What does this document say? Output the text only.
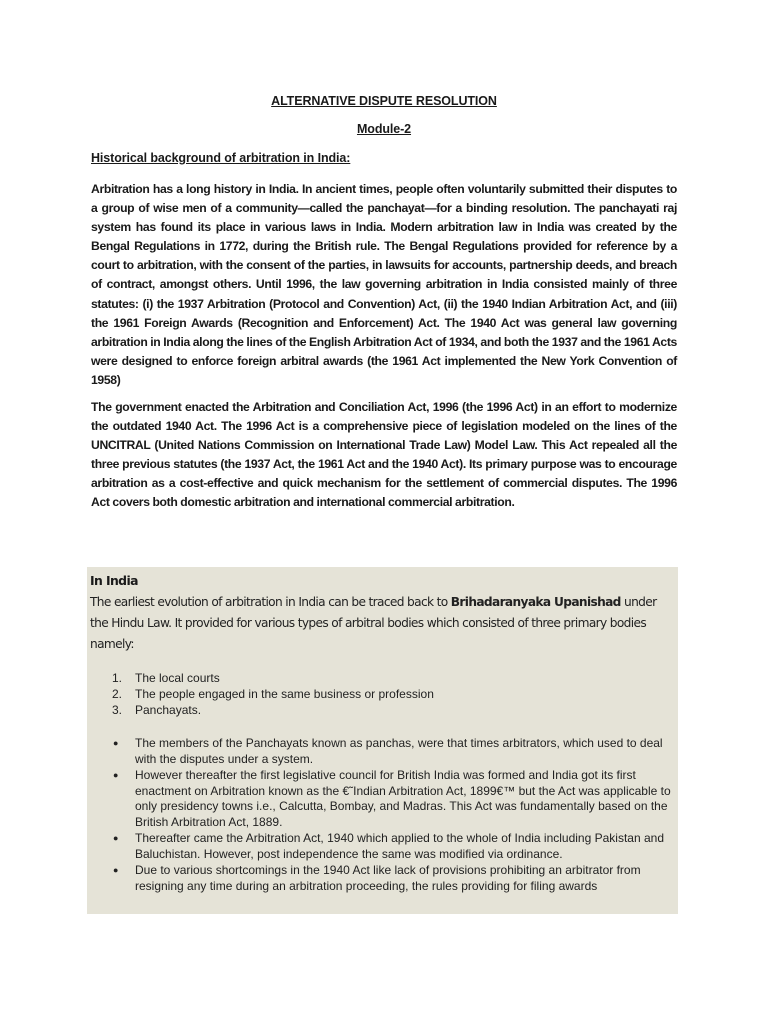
ALTERNATIVE DISPUTE RESOLUTION
Module-2
Historical background of arbitration in India:

Arbitration has a long history in India. In ancient times, people often voluntarily submitted their disputes to a group of wise men of a community—called the panchayat—for a binding resolution. The panchayati raj system has found its place in various laws in India. Modern arbitration law in India was created by the Bengal Regulations in 1772, during the British rule. The Bengal Regulations provided for reference by a court to arbitration, with the consent of the parties, in lawsuits for accounts, partnership deeds, and breach of contract, amongst others. Until 1996, the law governing arbitration in India consisted mainly of three statutes: (i) the 1937 Arbitration (Protocol and Convention) Act, (ii) the 1940 Indian Arbitration Act, and (iii) the 1961 Foreign Awards (Recognition and Enforcement) Act. The 1940 Act was general law governing arbitration in India along the lines of the English Arbitration Act of 1934, and both the 1937 and the 1961 Acts were designed to enforce foreign arbitral awards (the 1961 Act implemented the New York Convention of 1958)

The government enacted the Arbitration and Conciliation Act, 1996 (the 1996 Act) in an effort to modernize the outdated 1940 Act. The 1996 Act is a comprehensive piece of legislation modeled on the lines of the UNCITRAL (United Nations Commission on International Trade Law) Model Law. This Act repealed all the three previous statutes (the 1937 Act, the 1961 Act and the 1940 Act). Its primary purpose was to encourage arbitration as a cost-effective and quick mechanism for the settlement of commercial disputes. The 1996 Act covers both domestic arbitration and international commercial arbitration.

In India

The earliest evolution of arbitration in India can be traced back to Brihadaranyaka Upanishad under the Hindu Law. It provided for various types of arbitral bodies which consisted of three primary bodies namely:

1. The local courts
2. The people engaged in the same business or profession
3. Panchayats.
● The members of the Panchayats known as panchas, were that times arbitrators, which used to deal with the disputes under a system.
● However thereafter the first legislative council for British India was formed and India got its first enactment on Arbitration known as the €˜Indian Arbitration Act, 1899€™ but the Act was applicable to only presidency towns i.e., Calcutta, Bombay, and Madras. This Act was fundamentally based on the British Arbitration Act, 1889.
● Thereafter came the Arbitration Act, 1940 which applied to the whole of India including Pakistan and Baluchistan. However, post independence the same was modified via ordinance.
● Due to various shortcomings in the 1940 Act like lack of provisions prohibiting an arbitrator from resigning any time during an arbitration proceeding, the rules providing for filing awards
